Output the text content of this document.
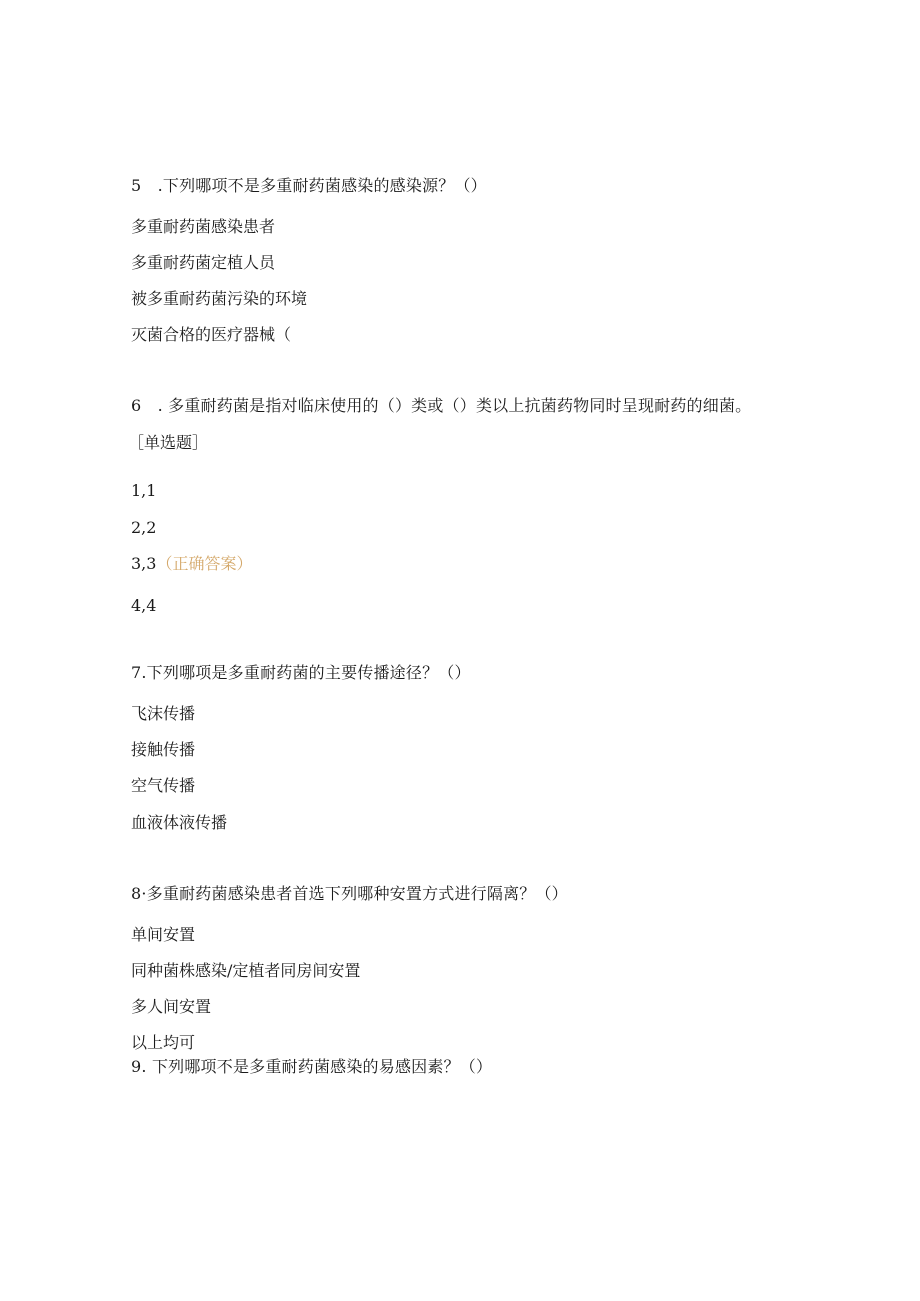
5　.下列哪项不是多重耐药菌感染的感染源？（）
多重耐药菌感染患者
多重耐药菌定植人员
被多重耐药菌污染的环境
灭菌合格的医疗器械（
6　. 多重耐药菌是指对临床使用的（）类或（）类以上抗菌药物同时呈现耐药的细菌。
［单选题］
1,1
2,2
3,3（正确答案）
4,4
7.下列哪项是多重耐药菌的主要传播途径？（）
飞沫传播
接触传播
空气传播
血液体液传播
8·多重耐药菌感染患者首选下列哪种安置方式进行隔离？（）
单间安置
同种菌株感染/定植者同房间安置
多人间安置
以上均可
9. 下列哪项不是多重耐药菌感染的易感因素？（）
